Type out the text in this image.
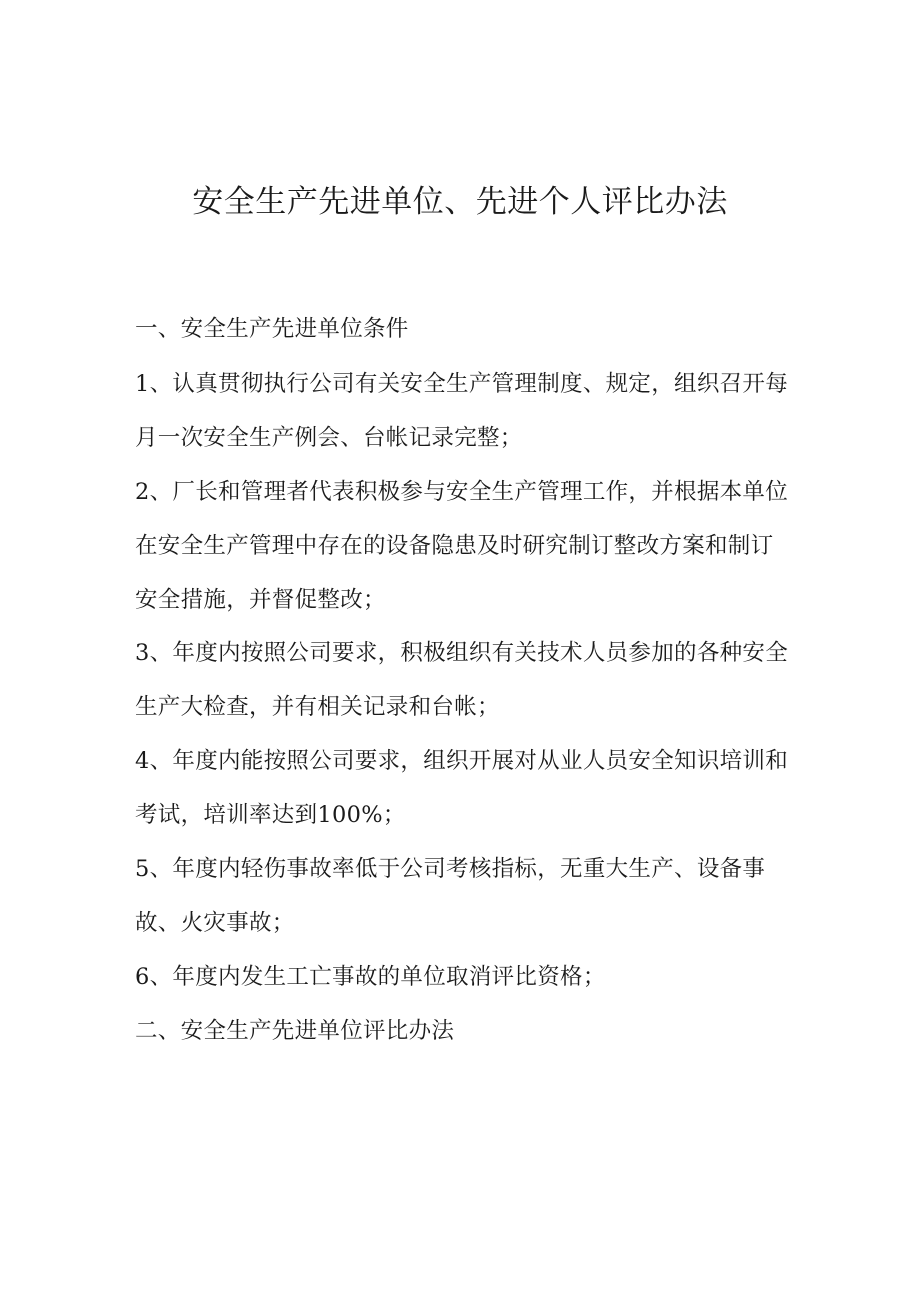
安全生产先进单位、先进个人评比办法

一、安全生产先进单位条件

1、认真贯彻执行公司有关安全生产管理制度、规定，组织召开每月一次安全生产例会、台帐记录完整；

2、厂长和管理者代表积极参与安全生产管理工作，并根据本单位在安全生产管理中存在的设备隐患及时研究制订整改方案和制订安全措施，并督促整改；

3、年度内按照公司要求，积极组织有关技术人员参加的各种安全生产大检查，并有相关记录和台帐；

4、年度内能按照公司要求，组织开展对从业人员安全知识培训和考试，培训率达到100%；

5、年度内轻伤事故率低于公司考核指标，无重大生产、设备事故、火灾事故；

6、年度内发生工亡事故的单位取消评比资格；

二、安全生产先进单位评比办法
